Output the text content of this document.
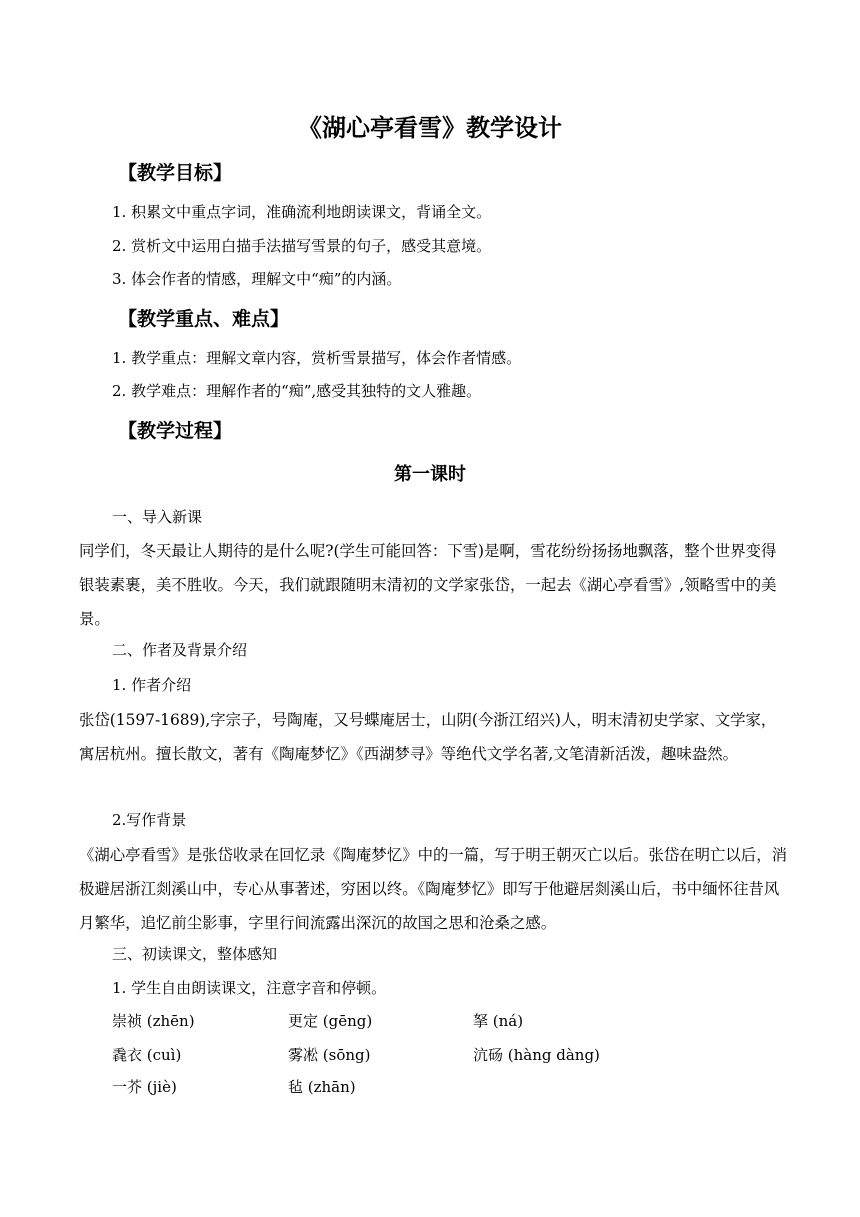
《湖心亭看雪》教学设计
【教学目标】
1. 积累文中重点字词，准确流利地朗读课文，背诵全文。
2. 赏析文中运用白描手法描写雪景的句子，感受其意境。
3. 体会作者的情感，理解文中“痴”的内涵。
【教学重点、难点】
1. 教学重点：理解文章内容，赏析雪景描写，体会作者情感。
2. 教学难点：理解作者的“痴”,感受其独特的文人雅趣。
【教学过程】
第一课时
一、导入新课
同学们，冬天最让人期待的是什么呢?(学生可能回答：下雪)是啊，雪花纷纷扬扬地飘落，整个世界变得银装素裹，美不胜收。今天，我们就跟随明末清初的文学家张岱，一起去《湖心亭看雪》,领略雪中的美景。
二、作者及背景介绍
1. 作者介绍
张岱(1597-1689),字宗子，号陶庵，又号蝶庵居士，山阴(今浙江绍兴)人，明末清初史学家、文学家，寓居杭州。擅长散文，著有《陶庵梦忆》《西湖梦寻》等绝代文学名著,文笔清新活泼，趣味盎然。
2.写作背景
《湖心亭看雪》是张岱收录在回忆录《陶庵梦忆》中的一篇，写于明王朝灭亡以后。张岱在明亡以后，消极避居浙江剡溪山中，专心从事著述，穷困以终。《陶庵梦忆》即写于他避居剡溪山后，书中缅怀往昔风月繁华，追忆前尘影事，字里行间流露出深沉的故国之思和沧桑之感。
三、初读课文，整体感知
1. 学生自由朗读课文，注意字音和停顿。
崇祯 (zhēn)	更定 (gēng)	拏 (ná)
毳衣 (cuì)	雾凇 (sōng)	沆砀 (hàng dàng)
一芥 (jiè)	毡 (zhān)
